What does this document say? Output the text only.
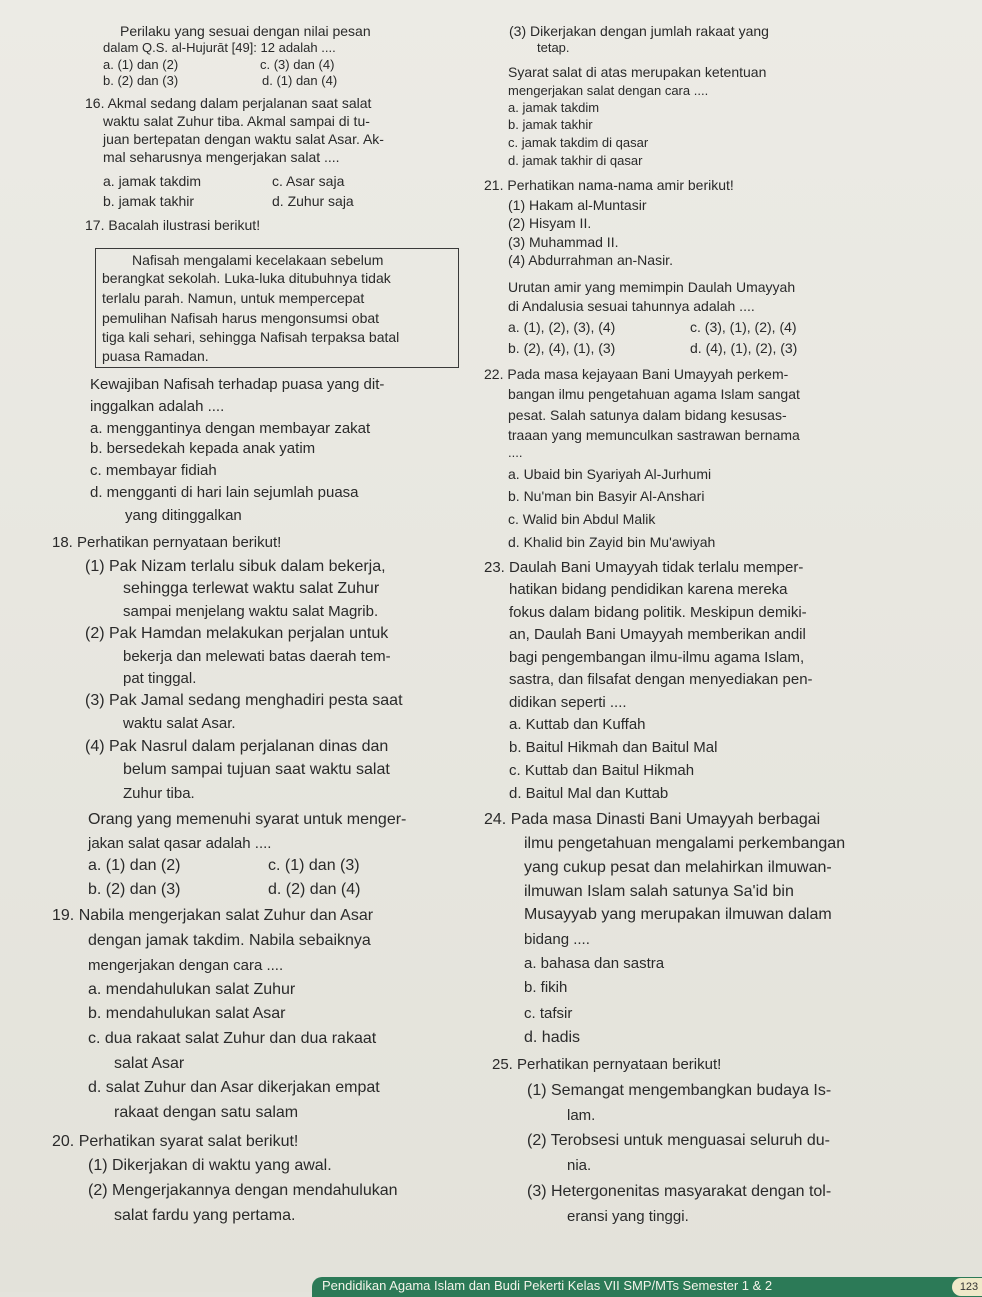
Perilaku yang sesuai dengan nilai pesan
dalam Q.S. al-Hujurāt [49]: 12 adalah ....
a. (1) dan (2)	c. (3) dan (4)
b. (2) dan (3)	d. (1) dan (4)
16. Akmal sedang dalam perjalanan saat salat
waktu salat Zuhur tiba. Akmal sampai di tu-
juan bertepatan dengan waktu salat Asar. Ak-
mal seharusnya mengerjakan salat ....
a. jamak takdim	c. Asar saja
b. jamak takhir	d. Zuhur saja
17. Bacalah ilustrasi berikut!
Nafisah mengalami kecelakaan sebelum
berangkat sekolah. Luka-luka ditubuhnya tidak
terlalu parah. Namun, untuk mempercepat
pemulihan Nafisah harus mengonsumsi obat
tiga kali sehari, sehingga Nafisah terpaksa batal
puasa Ramadan.
Kewajiban Nafisah terhadap puasa yang dit-
inggalkan adalah ....
a. menggantinya dengan membayar zakat
b. bersedekah kepada anak yatim
c. membayar fidiah
d. mengganti di hari lain sejumlah puasa
yang ditinggalkan
18. Perhatikan pernyataan berikut!
(1) Pak Nizam terlalu sibuk dalam bekerja,
sehingga terlewat waktu salat Zuhur
sampai menjelang waktu salat Magrib.
(2) Pak Hamdan melakukan perjalan untuk
bekerja dan melewati batas daerah tem-
pat tinggal.
(3) Pak Jamal sedang menghadiri pesta saat
waktu salat Asar.
(4) Pak Nasrul dalam perjalanan dinas dan
belum sampai tujuan saat waktu salat
Zuhur tiba.
Orang yang memenuhi syarat untuk menger-
jakan salat qasar adalah ....
a. (1) dan (2)	c. (1) dan (3)
b. (2) dan (3)	d. (2) dan (4)
19. Nabila mengerjakan salat Zuhur dan Asar
dengan jamak takdim. Nabila sebaiknya
mengerjakan dengan cara ....
a. mendahulukan salat Zuhur
b. mendahulukan salat Asar
c. dua rakaat salat Zuhur dan dua rakaat
salat Asar
d. salat Zuhur dan Asar dikerjakan empat
rakaat dengan satu salam
20. Perhatikan syarat salat berikut!
(1) Dikerjakan di waktu yang awal.
(2) Mengerjakannya dengan mendahulukan
salat fardu yang pertama.
(3) Dikerjakan dengan jumlah rakaat yang
tetap.
Syarat salat di atas merupakan ketentuan
mengerjakan salat dengan cara ....
a. jamak takdim
b. jamak takhir
c. jamak takdim di qasar
d. jamak takhir di qasar
21. Perhatikan nama-nama amir berikut!
(1) Hakam al-Muntasir
(2) Hisyam II.
(3) Muhammad II.
(4) Abdurrahman an-Nasir.
Urutan amir yang memimpin Daulah Umayyah
di Andalusia sesuai tahunnya adalah ....
a. (1), (2), (3), (4)	c. (3), (1), (2), (4)
b. (2), (4), (1), (3)	d. (4), (1), (2), (3)
22. Pada masa kejayaan Bani Umayyah perkem-
bangan ilmu pengetahuan agama Islam sangat
pesat. Salah satunya dalam bidang kesusas-
traaan yang memunculkan sastrawan bernama
....
a. Ubaid bin Syariyah Al-Jurhumi
b. Nu'man bin Basyir Al-Anshari
c. Walid bin Abdul Malik
d. Khalid bin Zayid bin Mu'awiyah
23. Daulah Bani Umayyah tidak terlalu memper-
hatikan bidang pendidikan karena mereka
fokus dalam bidang politik. Meskipun demiki-
an, Daulah Bani Umayyah memberikan andil
bagi pengembangan ilmu-ilmu agama Islam,
sastra, dan filsafat dengan menyediakan pen-
didikan seperti ....
a. Kuttab dan Kuffah
b. Baitul Hikmah dan Baitul Mal
c. Kuttab dan Baitul Hikmah
d. Baitul Mal dan Kuttab
24. Pada masa Dinasti Bani Umayyah berbagai
ilmu pengetahuan mengalami perkembangan
yang cukup pesat dan melahirkan ilmuwan-
ilmuwan Islam salah satunya Sa'id bin
Musayyab yang merupakan ilmuwan dalam
bidang ....
a. bahasa dan sastra
b. fikih
c. tafsir
d. hadis
25. Perhatikan pernyataan berikut!
(1) Semangat mengembangkan budaya Is-
lam.
(2) Terobsesi untuk menguasai seluruh du-
nia.
(3) Hetergonenitas masyarakat dengan tol-
eransi yang tinggi.
Pendidikan Agama Islam dan Budi Pekerti Kelas VII SMP/MTs Semester 1 & 2	123
